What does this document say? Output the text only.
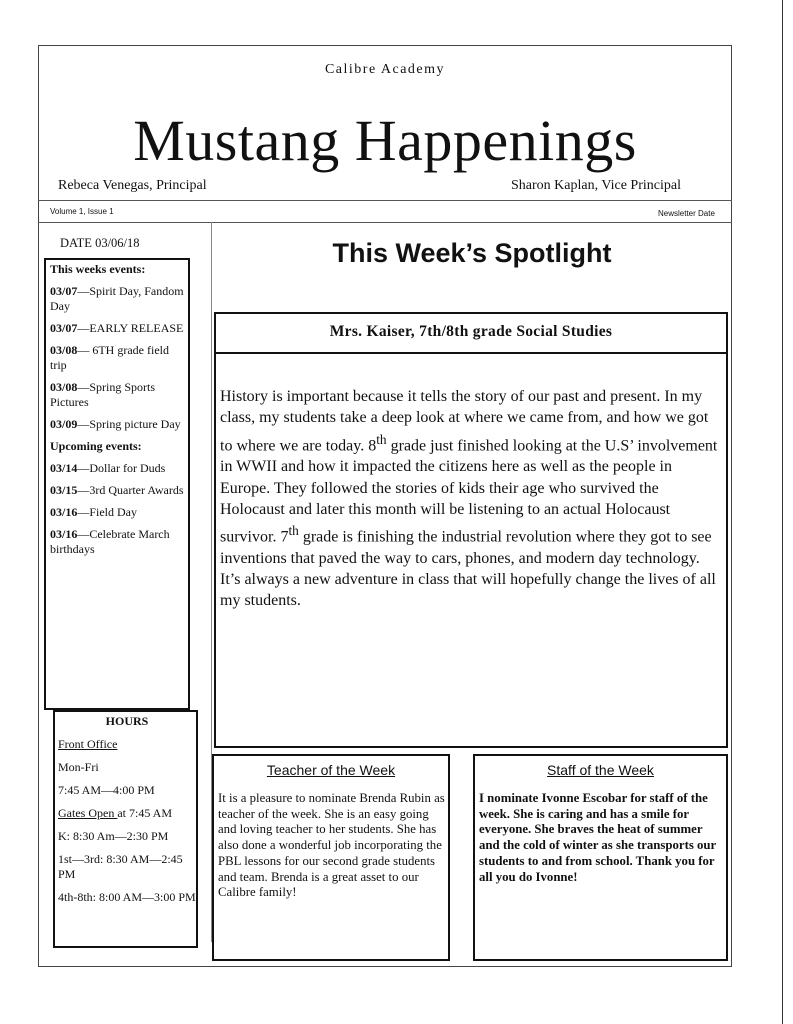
Calibre Academy
Mustang Happenings
Rebeca Venegas, Principal	Sharon Kaplan, Vice Principal
Volume 1, Issue 1	Newsletter Date
DATE 03/06/18
This weeks events:
03/07—Spirit Day, Fandom Day
03/07—EARLY RELEASE
03/08— 6TH grade field trip
03/08—Spring Sports Pictures
03/09—Spring picture Day
Upcoming events:
03/14—Dollar for Duds
03/15—3rd Quarter Awards
03/16—Field Day
03/16—Celebrate March birthdays
HOURS
Front Office
Mon-Fri
7:45 AM—4:00 PM
Gates Open at 7:45 AM
K: 8:30 Am—2:30 PM
1st—3rd: 8:30 AM—2:45 PM
4th-8th: 8:00 AM—3:00 PM
This Week’s Spotlight
Mrs. Kaiser, 7th/8th grade Social Studies
History is important because it tells the story of our past and present. In my class, my students take a deep look at where we came from, and how we got to where we are today. 8th grade just finished looking at the U.S’ involvement in WWII and how it impacted the citizens here as well as the people in Europe. They followed the stories of kids their age who survived the Holocaust and later this month will be listening to an actual Holocaust survivor. 7th grade is finishing the industrial revolution where they got to see inventions that paved the way to cars, phones, and modern day technology. It’s always a new adventure in class that will hopefully change the lives of all my students.
Teacher of the Week
It is a pleasure to nominate Brenda Rubin as teacher of the week. She is an easy going and loving teacher to her students. She has also done a wonderful job incorporating the PBL lessons for our second grade students and team. Brenda is a great asset to our Calibre family!
Staff of the Week
I nominate Ivonne Escobar for staff of the week. She is caring and has a smile for everyone. She braves the heat of summer and the cold of winter as she transports our students to and from school. Thank you for all you do Ivonne!
